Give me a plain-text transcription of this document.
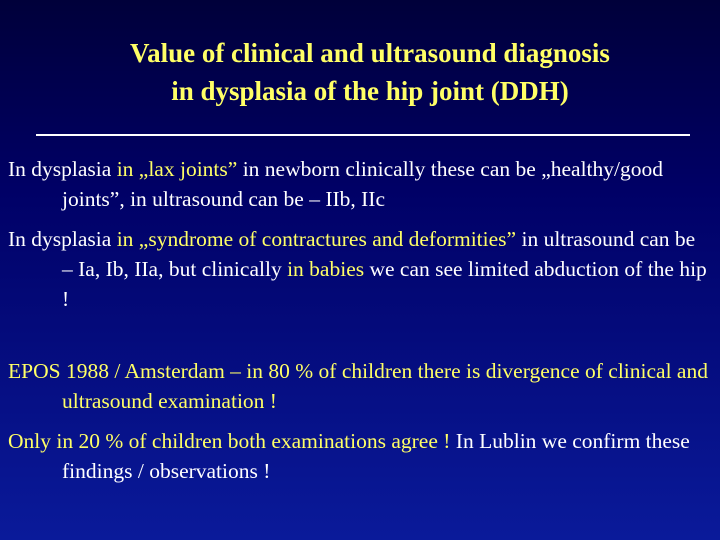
Value of clinical and ultrasound diagnosis
in dysplasia of the hip joint (DDH)
In dysplasia in „lax joints” in newborn clinically these can be „healthy/good joints”, in ultrasound can be – IIb, IIc
In dysplasia in „syndrome of contractures and deformities” in ultrasound can be – Ia, Ib, IIa, but clinically in babies we can see limited abduction of the hip !
EPOS 1988 / Amsterdam – in 80 % of children there is divergence of clinical and ultrasound examination !
Only in 20 % of children both examinations agree ! In Lublin we confirm these findings / observations !
